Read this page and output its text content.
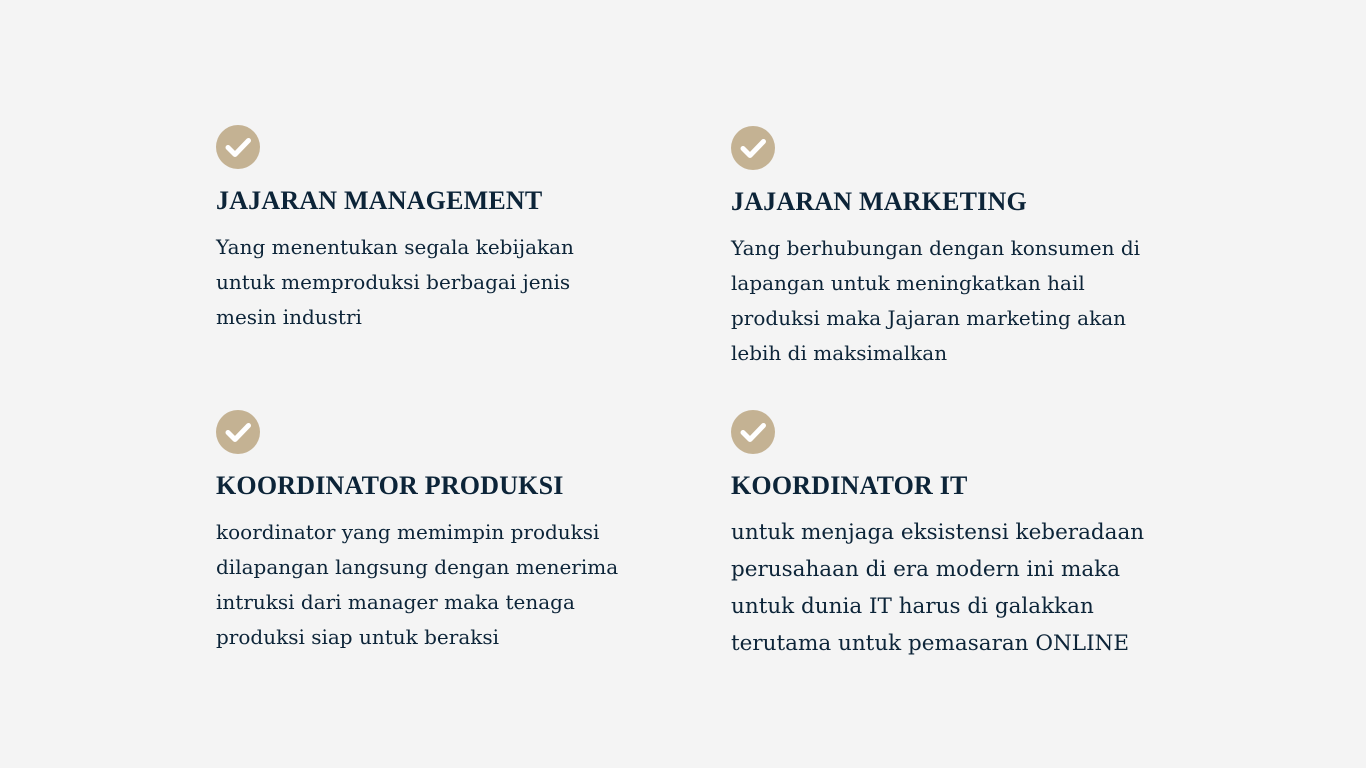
JAJARAN MANAGEMENT

Yang menentukan segala kebijakan untuk memproduksi berbagai jenis mesin industri

JAJARAN MARKETING

Yang berhubungan dengan konsumen di lapangan untuk meningkatkan hail produksi maka Jajaran marketing akan lebih di maksimalkan

KOORDINATOR PRODUKSI

koordinator yang memimpin produksi dilapangan langsung dengan menerima intruksi dari manager maka tenaga produksi siap untuk beraksi

KOORDINATOR IT

untuk menjaga eksistensi keberadaan perusahaan di era modern ini maka untuk dunia IT harus di galakkan terutama untuk pemasaran ONLINE
